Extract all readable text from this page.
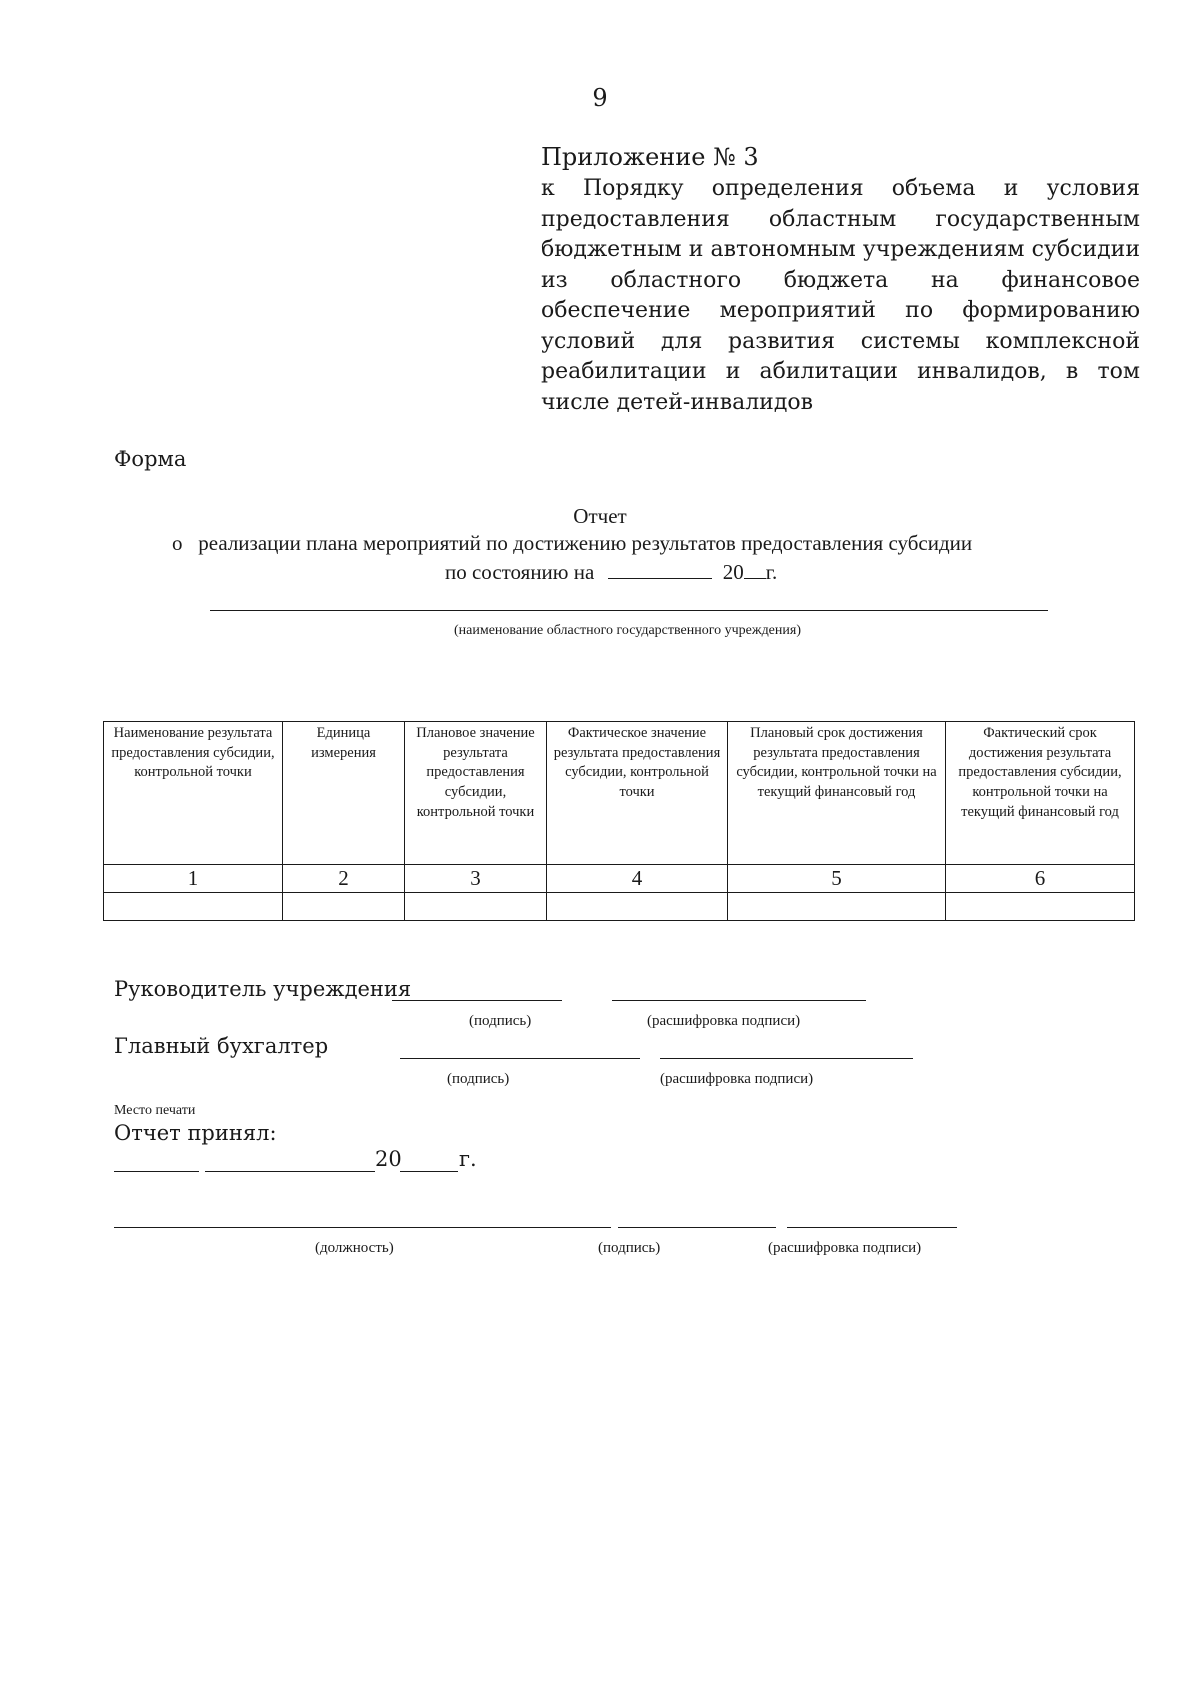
9
Приложение № 3
к Порядку определения объема и условия предоставления областным государственным бюджетным и автономным учреждениям субсидии из областного бюджета на финансовое обеспечение мероприятий по формированию условий для развития системы комплексной реабилитации и абилитации инвалидов, в том числе детей-инвалидов
Форма
Отчет
о   реализации плана мероприятий по достижению результатов предоставления субсидии
по состоянию на	20 г.
(наименование областного государственного учреждения)
Наименование результата предоставления субсидии, контрольной точки	Единица измерения	Плановое значение результата предоставления субсидии, контрольной точки	Фактическое значение результата предоставления субсидии, контрольной точки	Плановый срок достижения результата предоставления субсидии, контрольной точки на текущий финансовый год	Фактический срок достижения результата предоставления субсидии, контрольной точки на текущий финансовый год
1	2	3	4	5	6

Руководитель учреждения
(подпись)	(расшифровка подписи)
Главный бухгалтер
(подпись)	(расшифровка подписи)
Место печати
Отчет принял:
20	г.
(должность)	(подпись)	(расшифровка подписи)
